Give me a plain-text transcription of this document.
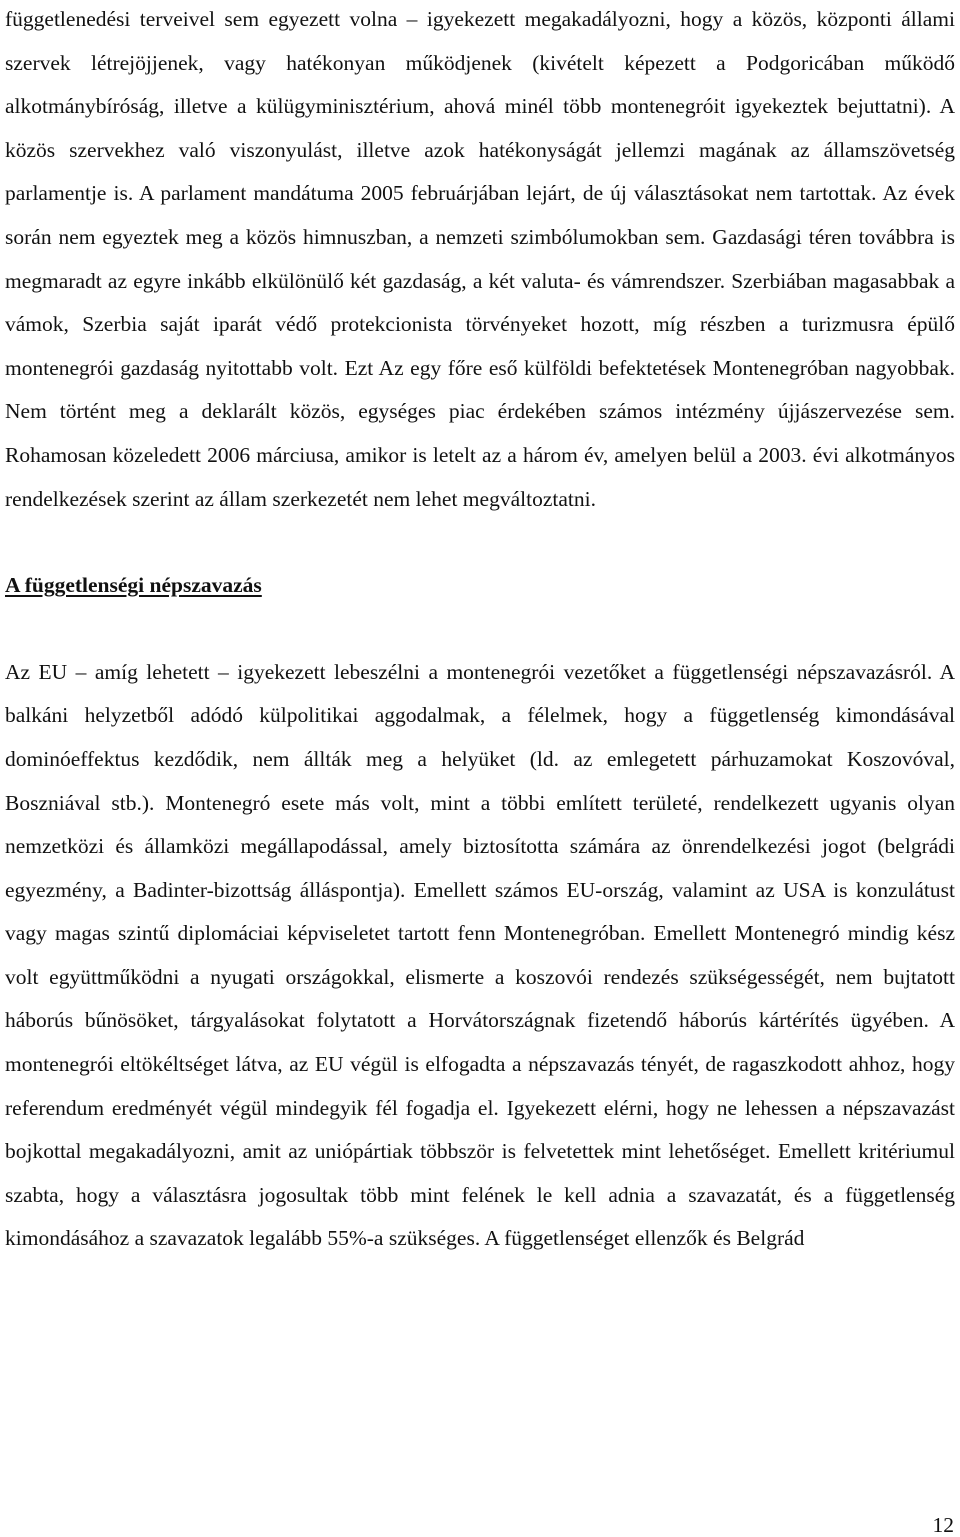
függetlenedési terveivel sem egyezett volna – igyekezett megakadályozni, hogy a közös, központi állami szervek létrejöjjenek, vagy hatékonyan működjenek (kivételt képezett a Podgoricában működő alkotmánybíróság, illetve a külügyminisztérium, ahová minél több montenegróit igyekeztek bejuttatni). A közös szervekhez való viszonyulást, illetve azok hatékonyságát jellemzi magának az államszövetség parlamentje is. A parlament mandátuma 2005 februárjában lejárt, de új választásokat nem tartottak. Az évek során nem egyeztek meg a közös himnuszban, a nemzeti szimbólumokban sem. Gazdasági téren továbbra is megmaradt az egyre inkább elkülönülő két gazdaság, a két valuta- és vámrendszer. Szerbiában magasabbak a vámok, Szerbia saját iparát védő protekcionista törvényeket hozott, míg részben a turizmusra épülő montenegrói gazdaság nyitottabb volt. Ezt Az egy főre eső külföldi befektetések Montenegróban nagyobbak. Nem történt meg a deklarált közös, egységes piac érdekében számos intézmény újjászervezése sem. Rohamosan közeledett 2006 márciusa, amikor is letelt az a három év, amelyen belül a 2003. évi alkotmányos rendelkezések szerint az állam szerkezetét nem lehet megváltoztatni.

A függetlenségi népszavazás

Az EU – amíg lehetett – igyekezett lebeszélni a montenegrói vezetőket a függetlenségi népszavazásról. A balkáni helyzetből adódó külpolitikai aggodalmak, a félelmek, hogy a függetlenség kimondásával dominóeffektus kezdődik, nem állták meg a helyüket (ld. az emlegetett párhuzamokat Koszovóval, Boszniával stb.). Montenegró esete más volt, mint a többi említett területé, rendelkezett ugyanis olyan nemzetközi és államközi megállapodással, amely biztosította számára az önrendelkezési jogot (belgrádi egyezmény, a Badinter-bizottság álláspontja). Emellett számos EU-ország, valamint az USA is konzulátust vagy magas szintű diplomáciai képviseletet tartott fenn Montenegróban. Emellett Montenegró mindig kész volt együttműködni a nyugati országokkal, elismerte a koszovói rendezés szükségességét, nem bujtatott háborús bűnösöket, tárgyalásokat folytatott a Horvátországnak fizetendő háborús kártérítés ügyében. A montenegrói eltökéltséget látva, az EU végül is elfogadta a népszavazás tényét, de ragaszkodott ahhoz, hogy referendum eredményét végül mindegyik fél fogadja el. Igyekezett elérni, hogy ne lehessen a népszavazást bojkottal megakadályozni, amit az uniópártiak többször is felvetettek mint lehetőséget. Emellett kritériumul szabta, hogy a választásra jogosultak több mint felének le kell adnia a szavazatát, és a függetlenség kimondásához a szavazatok legalább 55%-a szükséges. A függetlenséget ellenzők és Belgrád

12
